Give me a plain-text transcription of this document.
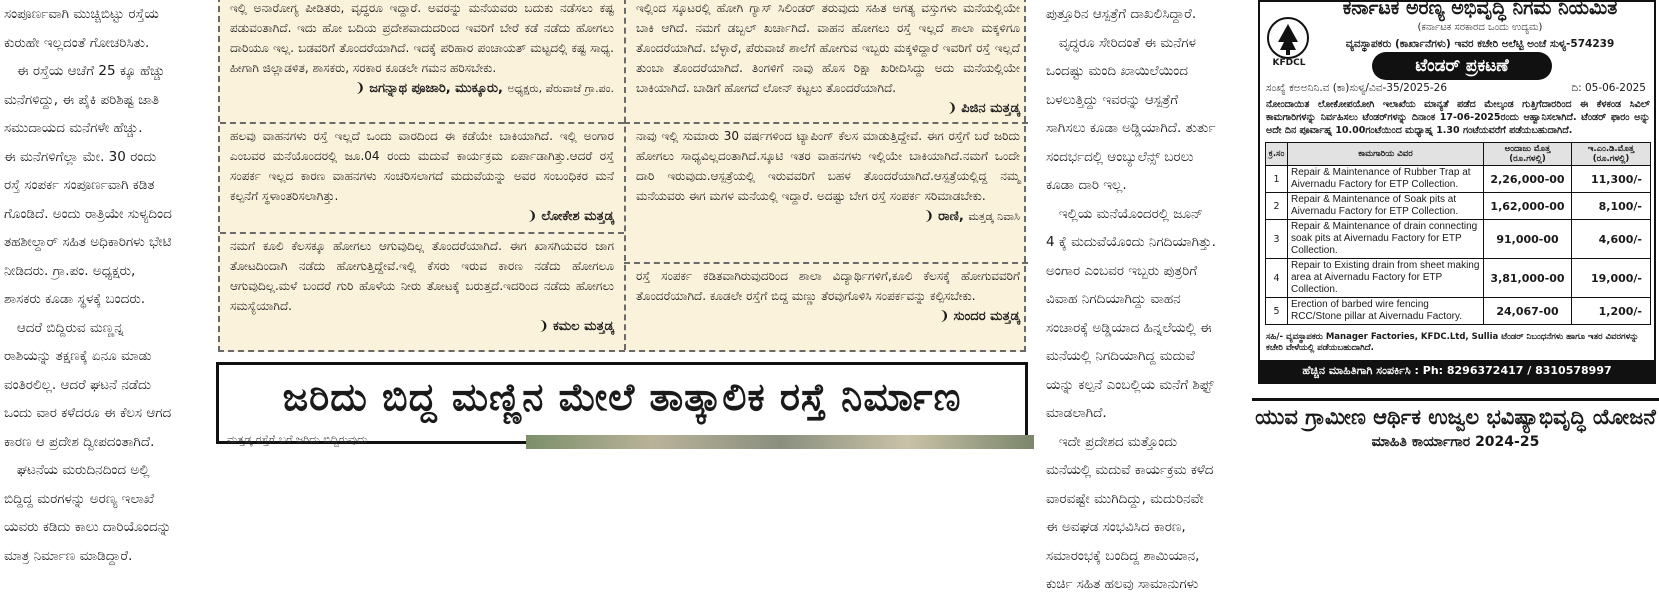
ಸಂಪೂರ್ಣವಾಗಿ ಮುಚ್ಚಿಬಿಟ್ಟು ರಸ್ತೆಯ

ಕುರುಹೇ ಇಲ್ಲದಂತೆ ಗೋಚರಿಸಿತು.

ಈ ರಸ್ತೆಯ ಆಚೆಗೆ 25 ಕ್ಕೂ ಹೆಚ್ಚು

ಮನೆಗಳಿದ್ದು, ಈ ಪೈಕಿ ಪರಿಶಿಷ್ಟ ಜಾತಿ

ಸಮುದಾಯದ ಮನೆಗಳೇ ಹೆಚ್ಚು.

ಈ ಮನೆಗಳಿಗೆಲ್ಲಾ ಮೇ. 30 ರಂದು

ರಸ್ತೆ ಸಂಪರ್ಕ ಸಂಪೂರ್ಣವಾಗಿ ಕಡಿತ

ಗೊಂಡಿದೆ. ಅಂದು ರಾತ್ರಿಯೇ ಸುಳ್ಯದಿಂದ

ತಹಶೀಲ್ದಾರ್ ಸಹಿತ ಅಧಿಕಾರಿಗಳು ಭೇಟಿ

ನೀಡಿದರು. ಗ್ರಾ.ಪಂ. ಅಧ್ಯಕ್ಷರು,

ಶಾಸಕರು ಕೂಡಾ ಸ್ಥಳಕ್ಕೆ ಬಂದರು.

ಆದರೆ ಬಿದ್ದಿರುವ ಮಣ್ಣನ್ನ

ರಾಶಿಯನ್ನು ತಕ್ಷಣಕ್ಕೆ ಏನೂ ಮಾಡು

ವಂತಿರಲಿಲ್ಲ. ಆದರೆ ಘಟನೆ ನಡೆದು

ಒಂದು ವಾರ ಕಳೆದರೂ ಈ ಕೆಲಸ ಆಗದ

ಕಾರಣ ಆ ಪ್ರದೇಶ ದ್ವೀಪದಂತಾಗಿದೆ.

ಘಟನೆಯ ಮರುದಿನದಿಂದ ಅಲ್ಲಿ

ಬಿದ್ದಿದ್ದ ಮರಗಳನ್ನು ಅರಣ್ಯ ಇಲಾಖೆ

ಯವರು ಕಡಿದು ಕಾಲು ದಾರಿಯೊಂದನ್ನು

ಮಾತ್ರ ನಿರ್ಮಾಣ ಮಾಡಿದ್ದಾರೆ.

ಇಲ್ಲಿ ಅನಾರೋಗ್ಯ ಪೀಡಿತರು, ವೃದ್ಧರೂ ಇದ್ದಾರೆ. ಅವರನ್ನು ಮನೆಯವರು ಬದುಕು ನಡೆಸಲು ಕಷ್ಟ ಪಡುವಂತಾಗಿದೆ. ಇದು ಹೋ ಬದಿಯ ಪ್ರದೇಶವಾದುದರಿಂದ ಇವರಿಗೆ ಬೇರೆ ಕಡೆ ನಡೆದು ಹೋಗಲು ದಾರಿಯೂ ಇಲ್ಲ. ಬಡವರಿಗೆ ತೊಂದರೆಯಾಗಿದೆ. ಇದಕ್ಕೆ ಪರಿಹಾರ ಪಂಚಾಯತ್ ಮಟ್ಟದಲ್ಲಿ ಕಷ್ಟ ಸಾಧ್ಯ. ಹೀಗಾಗಿ ಜಿಲ್ಲಾಡಳಿತ, ಶಾಸಕರು, ಸರಕಾರ ಕೂಡಲೇ ಗಮನ ಹರಿಸಬೇಕು.

❩ ಜಗನ್ನಾಥ ಪೂಜಾರಿ, ಮುಕ್ಕೂರು, ಅಧ್ಯಕ್ಷರು, ಪೆರುವಾಜೆ ಗ್ರಾ.ಪಂ.

ಹಲವು ವಾಹನಗಳು ರಸ್ತೆ ಇಲ್ಲದೆ ಒಂದು ವಾರದಿಂದ ಈ ಕಡೆಯೇ ಬಾಕಿಯಾಗಿದೆ. ಇಲ್ಲಿ ಅಂಗಾರ ಎಂಬವರ ಮನೆಯೊಂದರಲ್ಲಿ ಜೂ.04 ರಂದು ಮದುವೆ ಕಾರ್ಯಕ್ರಮ ಏರ್ಪಾಡಾಗಿತ್ತು.ಆದರೆ ರಸ್ತೆ ಸಂಪರ್ಕ ಇಲ್ಲದ ಕಾರಣ ವಾಹನಗಳು ಸಂಚರಿಸಲಾಗದೆ ಮದುವೆಯನ್ನು ಅವರ ಸಂಬಂಧಿಕರ ಮನೆ ಕಲ್ಪನೆಗೆ ಸ್ಥಳಾಂತರಿಸಲಾಗಿತ್ತು.

❩ ಲೋಕೇಶ ಮತ್ತಡ್ಕ

ನಮಗೆ ಕೂಲಿ ಕೆಲಸಕ್ಕೂ ಹೋಗಲು ಆಗುವುದಿಲ್ಲ ತೊಂದರೆಯಾಗಿದೆ. ಈಗ ಖಾಸಗಿಯವರ ಜಾಗ ತೋಟದಿಂದಾಗಿ ನಡೆದು ಹೋಗುತ್ತಿದ್ದೇವೆ.ಇಲ್ಲಿ ಕೆಸರು ಇರುವ ಕಾರಣ ನಡೆದು ಹೋಗಲೂ ಆಗುವುದಿಲ್ಲ.ಮಳೆ ಬಂದರೆ ಗುರಿ ಹೊಳೆಯ ನೀರು ತೋಟಕ್ಕೆ ಬರುತ್ತದೆ.ಇದರಿಂದ ನಡೆದು ಹೋಗಲು ಸಮಸ್ಯೆಯಾಗಿದೆ.

❩ ಕಮಲ ಮತ್ತಡ್ಕ

ಇಲ್ಲಿಂದ ಸ್ಕೂಟರಲ್ಲಿ ಹೋಗಿ ಗ್ಯಾಸ್ ಸಿಲಿಂಡರ್ ತರುವುದು ಸಹಿತ ಅಗತ್ಯ ವಸ್ತುಗಳು ಮನೆಯಲ್ಲಿಯೇ ಬಾಕಿ ಆಗಿದೆ. ನಮಗೆ ಡಬ್ಬಲ್ ಖರ್ಚಾಗಿದೆ. ವಾಹನ ಹೋಗಲು ರಸ್ತೆ ಇಲ್ಲದೆ ಶಾಲಾ ಮಕ್ಕಳಿಗೂ ತೊಂದರೆಯಾಗಿದೆ. ಬೆಳ್ಳಾರೆ, ಪೆರುವಾಜೆ ಶಾಲೆಗೆ ಹೋಗುವ ಇಬ್ಬರು ಮಕ್ಕಳಿದ್ದಾರೆ ಇವರಿಗೆ ರಸ್ತೆ ಇಲ್ಲದೆ ತುಂಬಾ ತೊಂದರೆಯಾಗಿದೆ. ತಿಂಗಳಿಗೆ ನಾವು ಹೊಸ ರಿಕ್ಷಾ ಖರೀದಿಸಿದ್ದು ಅದು ಮನೆಯಲ್ಲಿಯೇ ಬಾಕಿಯಾಗಿದೆ. ಬಾಡಿಗೆ ಹೋಗದೆ ಲೋನ್ ಕಟ್ಟಲು ತೊಂದರೆಯಾಗಿದೆ.

❩ ಪಿಜಿನ ಮತ್ತಡ್ಕ

ನಾವು ಇಲ್ಲಿ ಸುಮಾರು 30 ವರ್ಷಗಳಿಂದ ಟ್ಯಾಪಿಂಗ್ ಕೆಲಸ ಮಾಡುತ್ತಿದ್ದೇವೆ. ಈಗ ರಸ್ತೆಗೆ ಬರೆ ಜರಿದು ಹೋಗಲು ಸಾಧ್ಯವಿಲ್ಲದಂತಾಗಿದೆ.ಸ್ಕೂಟಿ ಇತರ ವಾಹನಗಳು ಇಲ್ಲಿಯೇ ಬಾಕಿಯಾಗಿದೆ.ನಮಗೆ ಒಂದೇ ದಾರಿ ಇರುವುದು.ಆಸ್ಪತ್ರೆಯಲ್ಲಿ ಇರುವವರಿಗೆ ಬಹಳ ತೊಂದರೆಯಾಗಿದೆ.ಆಸ್ಪತ್ರೆಯಲ್ಲಿದ್ದ ನಮ್ಮ ಮನೆಯವರು ಈಗ ಮಗಳ ಮನೆಯಲ್ಲಿ ಇದ್ದಾರೆ. ಅದಷ್ಟು ಬೇಗ ರಸ್ತೆ ಸಂಪರ್ಕ ಸರಿಮಾಡಬೇಕು.

❩ ರಾಣಿ, ಮತ್ತಡ್ಕ ನಿವಾಸಿ

ರಸ್ತೆ ಸಂಪರ್ಕ ಕಡಿತವಾಗಿರುವುದರಿಂದ ಶಾಲಾ ವಿದ್ಯಾರ್ಥಿಗಳಿಗೆ,ಕೂಲಿ ಕೆಲಸಕ್ಕೆ ಹೋಗುವವರಿಗೆ ತೊಂದರೆಯಾಗಿದೆ. ಕೂಡಲೇ ರಸ್ತೆಗೆ ಬಿದ್ದ ಮಣ್ಣು ತೆರವುಗೊಳಿಸಿ ಸಂಪರ್ಕವನ್ನು ಕಲ್ಪಿಸಬೇಕು.

❩ ಸುಂದರ ಮತ್ತಡ್ಕ

ಜರಿದು ಬಿದ್ದ ಮಣ್ಣಿನ ಮೇಲೆ ತಾತ್ಕಾಲಿಕ ರಸ್ತೆ ನಿರ್ಮಾಣ
ಮತ್ತಡ್ಕ ರಸ್ತೆಗೆ ಬರೆ ಜರಿದು ಬಿದ್ದಿರುವುದು

ಪುತ್ತೂರಿನ ಆಸ್ಪತ್ರೆಗೆ ದಾಖಲಿಸಿದ್ದಾರೆ.

ವೃದ್ಧರೂ ಸೇರಿದಂತೆ ಈ ಮನೆಗಳ

ಒಂದಷ್ಟು ಮಂದಿ ಖಾಯಿಲೆಯಿಂದ

ಬಳಲುತ್ತಿದ್ದು ಇವರನ್ನು ಆಸ್ಪತ್ರೆಗೆ

ಸಾಗಿಸಲು ಕೂಡಾ ಅಡ್ಡಿಯಾಗಿದೆ. ತುರ್ತು

ಸಂದರ್ಭದಲ್ಲಿ ಆಂಬ್ಯುಲೆನ್ಸ್ ಬರಲು

ಕೂಡಾ ದಾರಿ ಇಲ್ಲ.

ಇಲ್ಲಿಯ ಮನೆಯೊಂದರಲ್ಲಿ ಜೂನ್

4 ಕ್ಕೆ ಮದುವೆಯೊಂದು ನಿಗದಿಯಾಗಿತ್ತು.

ಅಂಗಾರ ಎಂಬವರ ಇಬ್ಬರು ಪುತ್ರರಿಗೆ

ವಿವಾಹ ನಿಗದಿಯಾಗಿದ್ದು ವಾಹನ

ಸಂಚಾರಕ್ಕೆ ಅಡ್ಡಿಯಾದ ಹಿನ್ನಲೆಯಲ್ಲಿ ಈ

ಮನೆಯಲ್ಲಿ ನಿಗದಿಯಾಗಿದ್ದ ಮದುವೆ

ಯನ್ನು ಕಲ್ಪನೆ ಎಂಬಲ್ಲಿಯ ಮನೆಗೆ ಶಿಫ್ಟ್

ಮಾಡಲಾಗಿದೆ.

ಇದೇ ಪ್ರದೇಶದ ಮತ್ತೊಂದು

ಮನೆಯಲ್ಲಿ ಮದುವೆ ಕಾರ್ಯಕ್ರಮ ಕಳೆದ

ವಾರವಷ್ಟೇ ಮುಗಿದಿದ್ದು, ಮದುರಿನವೇ

ಈ ಅವಘಡ ಸಂಭವಿಸಿದ ಕಾರಣ,

ಸಮಾರಂಭಕ್ಕೆ ಬಂದಿದ್ದ ಶಾಮಿಯಾನ,

ಕುರ್ಚಿ ಸಹಿತ ಹಲವು ಸಾಮಾನುಗಳು

KFDCL
ಕರ್ನಾಟಕ ಅರಣ್ಯ ಅಭಿವೃದ್ಧಿ ನಿಗಮ ನಿಯಮಿತ
(ಕರ್ನಾಟಕ ಸರಕಾರದ ಒಂದು ಉದ್ಯಮ)
ವ್ಯವಸ್ಥಾಪಕರು (ಕಾರ್ಖಾನೆಗಳು) ಇವರ ಕಚೇರಿ ಅಲೆಟ್ಟಿ ಅಂಚೆ ಸುಳ್ಯ-574239
ಟೆಂಡರ್ ಪ್ರಕಟಣೆ
ಸಂಖ್ಯೆ ಕಅಅನಿನಿ.ವ (ಕಾ)ಸುಳ್ಯ/ವಿವ-35/2025-26	ದಿ: 05-06-2025
ನೋಂದಾಯಿತ ಲೋಕೋಪಯೋಗಿ ಇಲಾಖೆಯ ಮಾನ್ಯತೆ ಪಡೆದ ಮೇಲ್ಕಂಡ ಗುತ್ತಿಗೆದಾರರಿಂದ ಈ ಕೆಳಕಂಡ ಸಿವಿಲ್ ಕಾಮಗಾರಿಗಳನ್ನು ನಿರ್ವಹಿಸಲು ಟೆಂಡರ್‌ಗಳನ್ನು ದಿನಾಂಕ 17-06-2025ರಂದು ಆಹ್ವಾನಿಸಲಾಗಿದೆ. ಟೆಂಡರ್ ಫಾರಂ ಅನ್ನು ಅದೇ ದಿನ ಪೂರ್ವಾಹ್ನ 10.00ಗಂಟೆಯಿಂದ ಮಧ್ಯಾಹ್ನ 1.30 ಗಂಟೆಯವರೆಗೆ ಪಡೆಯಬಹುದಾಗಿದೆ.
ಕ್ರ.ಸಂ	ಕಾಮಗಾರಿಯ ವಿವರ	ಅಂದಾಜು ಮೊತ್ತ (ರೂ.ಗಳಲ್ಲಿ)	ಇ.ಎಂ.ಡಿ.ಮೊತ್ತ (ರೂ.ಗಳಲ್ಲಿ)
1	Repair & Maintenance of Rubber Trap at Aivernadu Factory for ETP Collection.	2,26,000-00	11,300/-
2	Repair & Maintenance of Soak pits at Aivernadu Factory for ETP Collection.	1,62,000-00	8,100/-
3	Repair & Maintenance of drain connecting soak pits at Aivernadu Factory for ETP Collection.	91,000-00	4,600/-
4	Repair to Existing drain from sheet making area at Aivernadu Factory for ETP Collection.	3,81,000-00	19,000/-
5	Erection of barbed wire fencing RCC/Stone pillar at Aivernadu Factory.	24,067-00	1,200/-
ಸಹಿ/- ವ್ಯವಸ್ಥಾಪಕರು Manager Factories, KFDC.Ltd, Sullia ಟೆಂಡರ್ ನಿಬಂಧನೆಗಳು ಹಾಗೂ ಇತರ ವಿವರಗಳನ್ನು ಕಚೇರಿ ವೇಳೆಯಲ್ಲಿ ಪಡೆಯಬಹುದಾಗಿದೆ.
ಹೆಚ್ಚಿನ ಮಾಹಿತಿಗಾಗಿ ಸಂಪರ್ಕಿಸಿ : Ph: 8296372417 / 8310578997
ಯುವ ಗ್ರಾಮೀಣ ಆರ್ಥಿಕ ಉಜ್ವಲ ಭವಿಷ್ಯಾಭಿವೃದ್ಧಿ ಯೋಜನೆ
ಮಾಹಿತಿ ಕಾರ್ಯಾಗಾರ 2024-25
